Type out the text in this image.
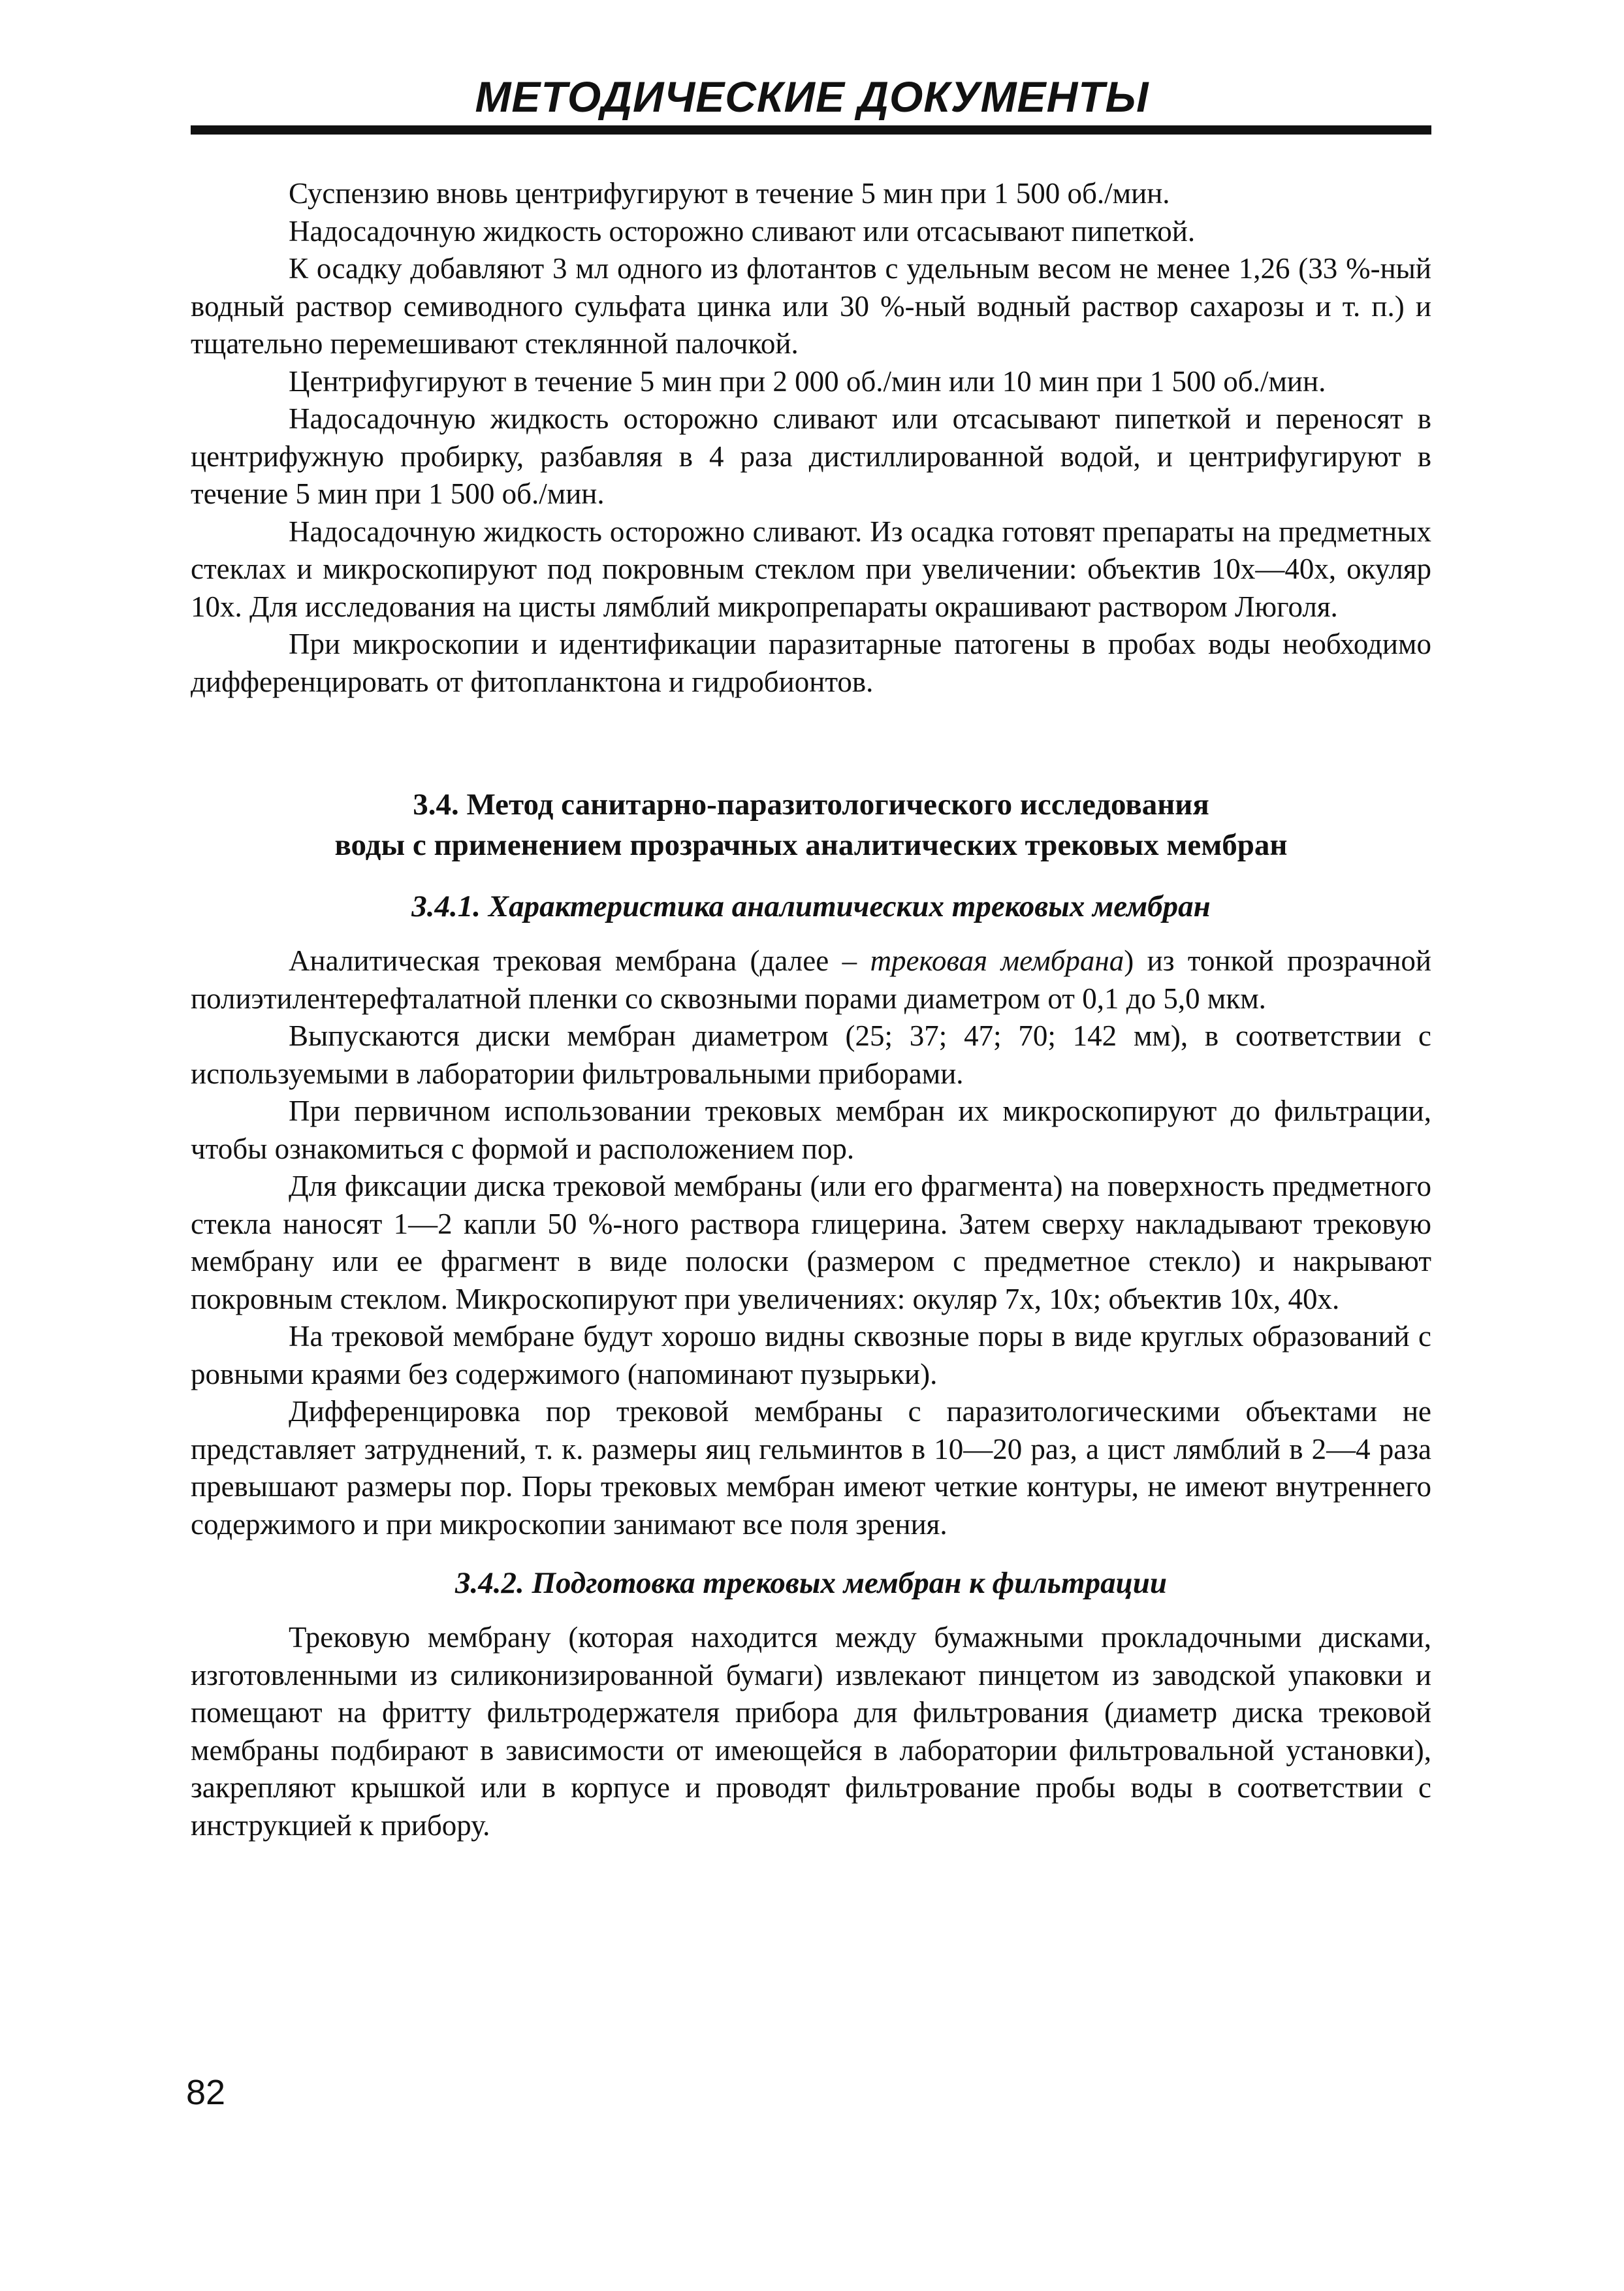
МЕТОДИЧЕСКИЕ ДОКУМЕНТЫ

Суспензию вновь центрифугируют в течение 5 мин при 1 500 об./мин.

Надосадочную жидкость осторожно сливают или отсасывают пипеткой.

К осадку добавляют 3 мл одного из флотантов с удельным весом не менее 1,26 (33 %-ный водный раствор семиводного сульфата цинка или 30 %-ный водный раствор сахарозы и т. п.) и тщательно перемешивают стеклянной палочкой.

Центрифугируют в течение 5 мин при 2 000 об./мин или 10 мин при 1 500 об./мин.

Надосадочную жидкость осторожно сливают или отсасывают пипеткой и переносят в центрифужную пробирку, разбавляя в 4 раза дистиллированной водой, и центрифугируют в течение 5 мин при 1 500 об./мин.

Надосадочную жидкость осторожно сливают. Из осадка готовят препараты на предметных стеклах и микроскопируют под покровным стеклом при увеличении: объектив 10х—40х, окуляр 10х. Для исследования на цисты лямблий микропрепараты окрашивают раствором Люголя.

При микроскопии и идентификации паразитарные патогены в пробах воды необходимо дифференцировать от фитопланктона и гидробионтов.

3.4. Метод санитарно-паразитологического исследования
воды с применением прозрачных аналитических трековых мембран
3.4.1. Характеристика аналитических трековых мембран

Аналитическая трековая мембрана (далее – трековая мембрана) из тонкой прозрачной полиэтилентерефталатной пленки со сквозными порами диаметром от 0,1 до 5,0 мкм.

Выпускаются диски мембран диаметром (25; 37; 47; 70; 142 мм), в соответствии с используемыми в лаборатории фильтровальными приборами.

При первичном использовании трековых мембран их микроскопируют до фильтрации, чтобы ознакомиться с формой и расположением пор.

Для фиксации диска трековой мембраны (или его фрагмента) на поверхность предметного стекла наносят 1—2 капли 50 %-ного раствора глицерина. Затем сверху накладывают трековую мембрану или ее фрагмент в виде полоски (размером с предметное стекло) и накрывают покровным стеклом. Микроскопируют при увеличениях: окуляр 7х, 10х; объектив 10х, 40х.

На трековой мембране будут хорошо видны сквозные поры в виде круглых образований с ровными краями без содержимого (напоминают пузырьки).

Дифференцировка пор трековой мембраны с паразитологическими объектами не представляет затруднений, т. к. размеры яиц гельминтов в 10—20 раз, а цист лямблий в 2—4 раза превышают размеры пор. Поры трековых мембран имеют четкие контуры, не имеют внутреннего содержимого и при микроскопии занимают все поля зрения.

3.4.2. Подготовка трековых мембран к фильтрации

Трековую мембрану (которая находится между бумажными прокладочными дисками, изготовленными из силиконизированной бумаги) извлекают пинцетом из заводской упаковки и помещают на фритту фильтродержателя прибора для фильтрования (диаметр диска трековой мембраны подбирают в зависимости от имеющейся в лаборатории фильтровальной установки), закрепляют крышкой или в корпусе и проводят фильтрование пробы воды в соответствии с инструкцией к прибору.

82
